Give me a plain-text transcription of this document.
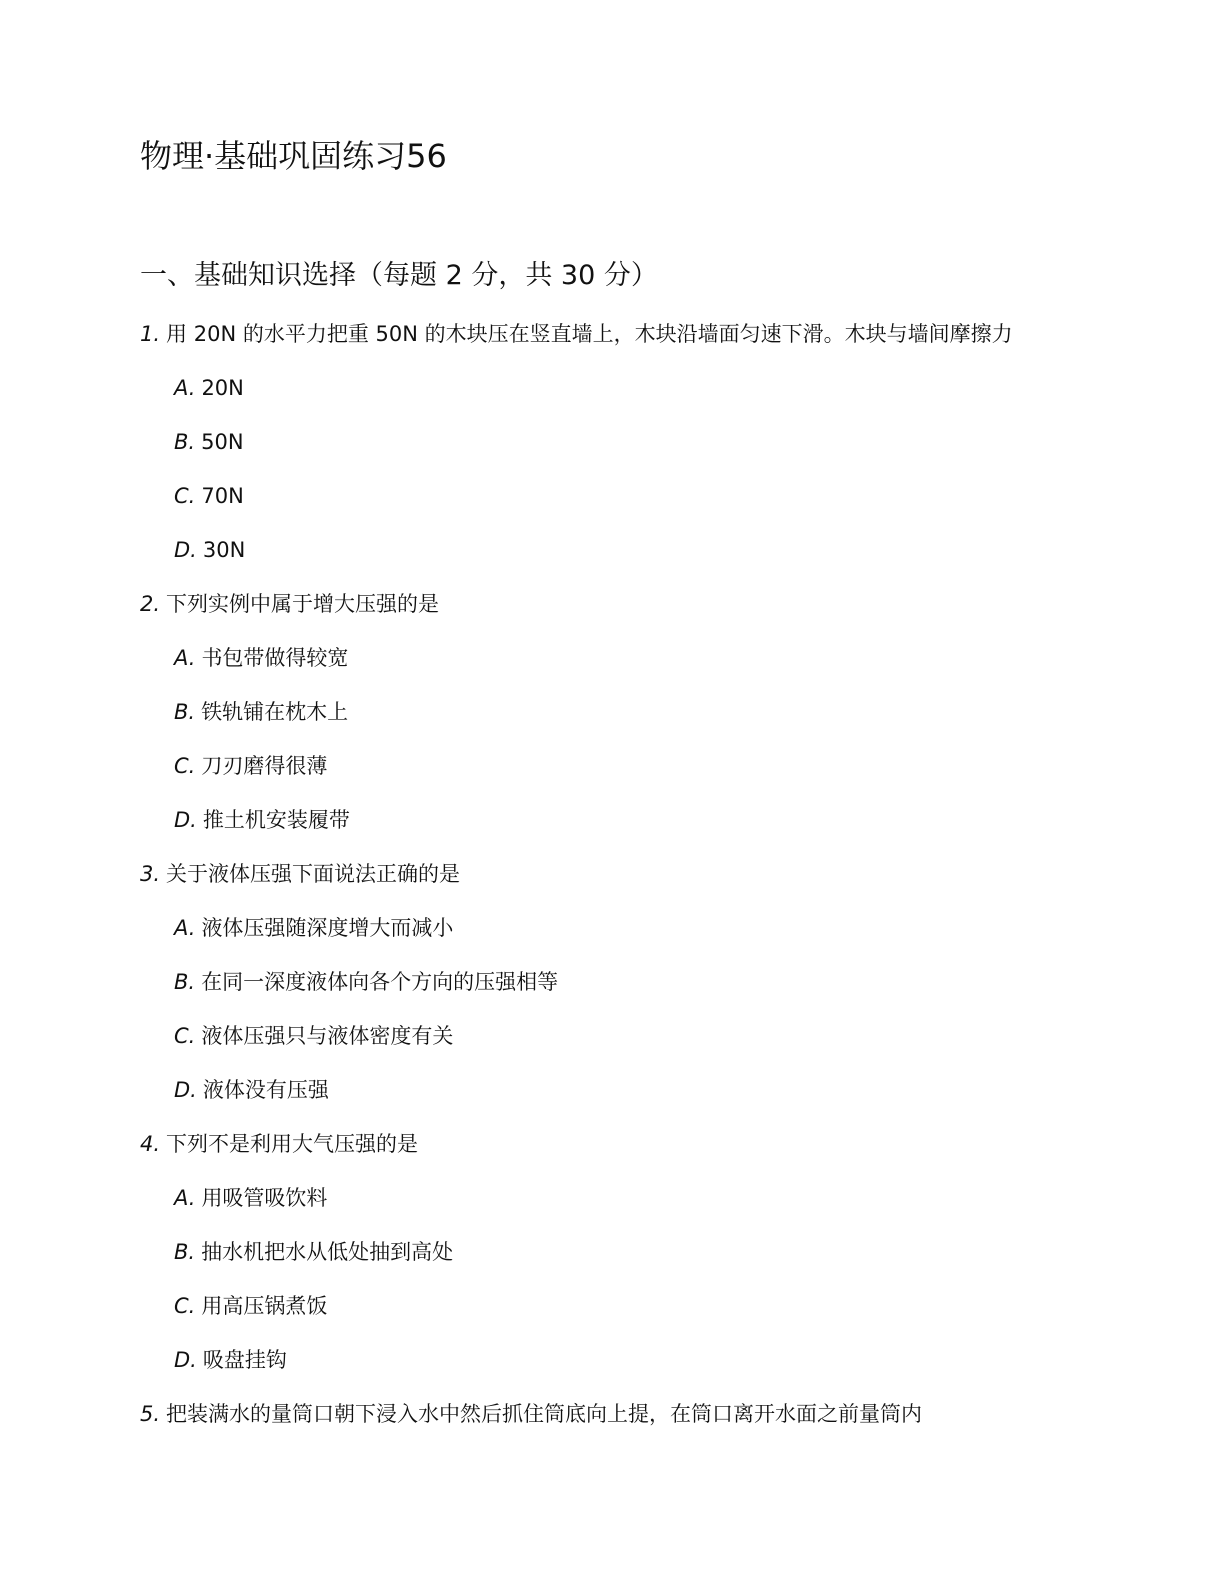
物理·基础巩固练习56
一、基础知识选择（每题 2 分，共 30 分）
1. 用 20N 的水平力把重 50N 的木块压在竖直墙上，木块沿墙面匀速下滑。木块与墙间摩擦力
A. 20N
B. 50N
C. 70N
D. 30N
2. 下列实例中属于增大压强的是
A. 书包带做得较宽
B. 铁轨铺在枕木上
C. 刀刃磨得很薄
D. 推土机安装履带
3. 关于液体压强下面说法正确的是
A. 液体压强随深度增大而减小
B. 在同一深度液体向各个方向的压强相等
C. 液体压强只与液体密度有关
D. 液体没有压强
4. 下列不是利用大气压强的是
A. 用吸管吸饮料
B. 抽水机把水从低处抽到高处
C. 用高压锅煮饭
D. 吸盘挂钩
5. 把装满水的量筒口朝下浸入水中然后抓住筒底向上提，在筒口离开水面之前量筒内
